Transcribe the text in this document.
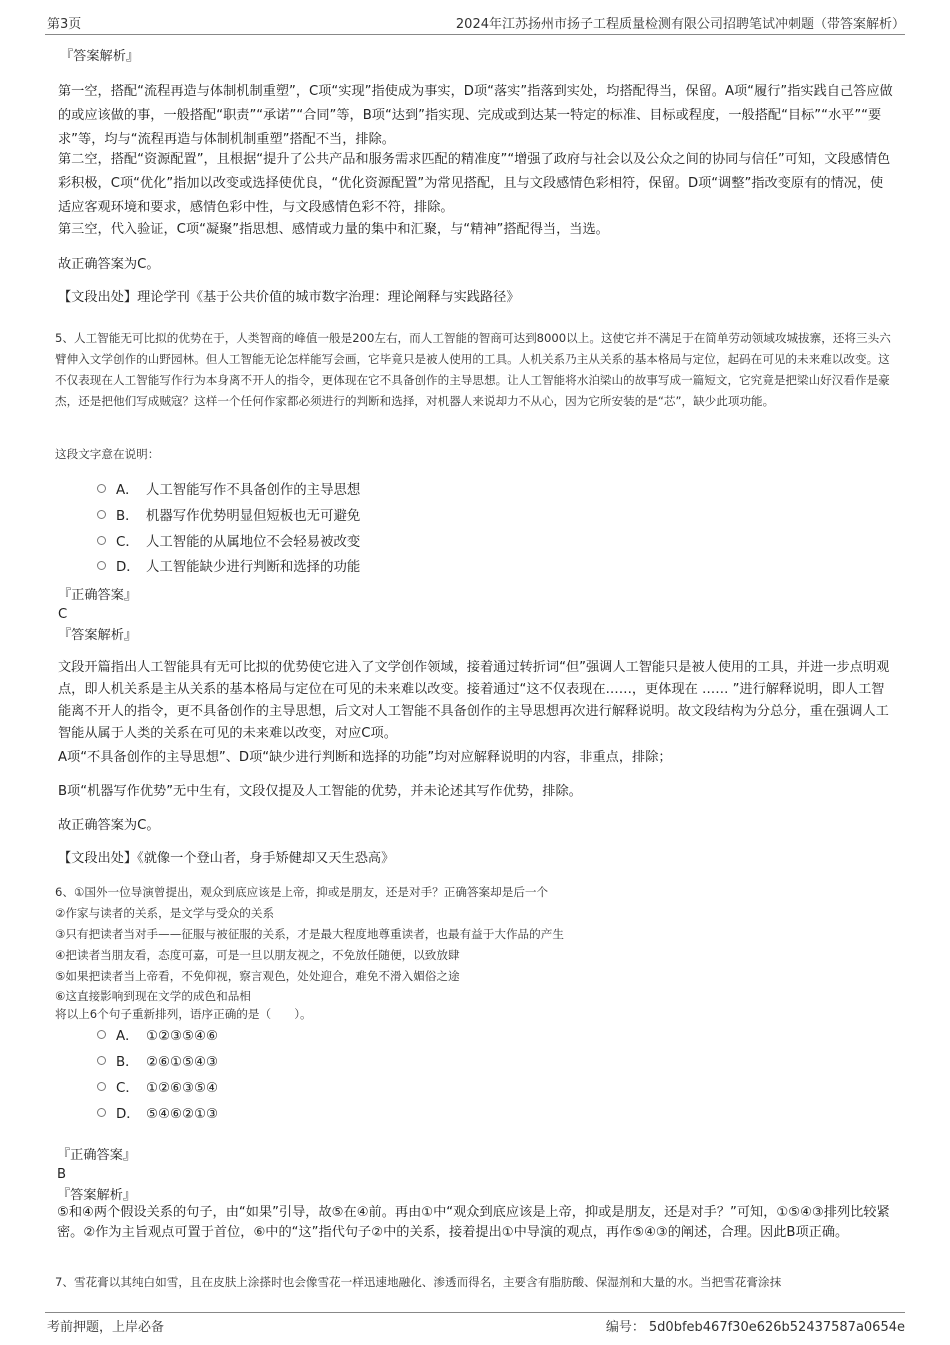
第3页	2024年江苏扬州市扬子工程质量检测有限公司招聘笔试冲刺题（带答案解析）
『答案解析』
第一空，搭配“流程再造与体制机制重塑”，C项“实现”指使成为事实，D项“落实”指落到实处，均搭配得当，保留。A项“履行”指实践自己答应做的或应该做的事，一般搭配“职责”“承诺”“合同”等，B项“达到”指实现、完成或到达某一特定的标准、目标或程度，一般搭配“目标”“水平”“要求”等，均与“流程再造与体制机制重塑”搭配不当，排除。
第二空，搭配“资源配置”，且根据“提升了公共产品和服务需求匹配的精准度”“增强了政府与社会以及公众之间的协同与信任”可知，文段感情色彩积极，C项“优化”指加以改变或选择使优良，“优化资源配置”为常见搭配，且与文段感情色彩相符，保留。D项“调整”指改变原有的情况，使适应客观环境和要求，感情色彩中性，与文段感情色彩不符，排除。
第三空，代入验证，C项“凝聚”指思想、感情或力量的集中和汇聚，与“精神”搭配得当，当选。
故正确答案为C。
【文段出处】理论学刊《基于公共价值的城市数字治理：理论阐释与实践路径》
5、人工智能无可比拟的优势在于，人类智商的峰值一般是200左右，而人工智能的智商可达到8000以上。这使它并不满足于在简单劳动领域攻城拔寨，还将三头六臂伸入文学创作的山野园林。但人工智能无论怎样能写会画，它毕竟只是被人使用的工具。人机关系乃主从关系的基本格局与定位，起码在可见的未来难以改变。这不仅表现在人工智能写作行为本身离不开人的指令，更体现在它不具备创作的主导思想。让人工智能将水泊梁山的故事写成一篇短文，它究竟是把梁山好汉看作是豪杰，还是把他们写成贼寇？这样一个任何作家都必须进行的判断和选择，对机器人来说却力不从心，因为它所安装的是“芯”，缺少此项功能。
这段文字意在说明：
A． 人工智能写作不具备创作的主导思想
B． 机器写作优势明显但短板也无可避免
C． 人工智能的从属地位不会轻易被改变
D． 人工智能缺少进行判断和选择的功能
『正确答案』
C
『答案解析』
文段开篇指出人工智能具有无可比拟的优势使它进入了文学创作领域，接着通过转折词“但”强调人工智能只是被人使用的工具，并进一步点明观点，即人机关系是主从关系的基本格局与定位在可见的未来难以改变。接着通过“这不仅表现在……，更体现在 …… ”进行解释说明，即人工智能离不开人的指令，更不具备创作的主导思想，后文对人工智能不具备创作的主导思想再次进行解释说明。故文段结构为分总分，重在强调人工智能从属于人类的关系在可见的未来难以改变，对应C项。
A项“不具备创作的主导思想”、D项“缺少进行判断和选择的功能”均对应解释说明的内容，非重点，排除；
B项“机器写作优势”无中生有，文段仅提及人工智能的优势，并未论述其写作优势，排除。
故正确答案为C。
【文段出处】《就像一个登山者，身手矫健却又天生恐高》
6、①国外一位导演曾提出，观众到底应该是上帝，抑或是朋友，还是对手？正确答案却是后一个
②作家与读者的关系，是文学与受众的关系
③只有把读者当对手——征服与被征服的关系，才是最大程度地尊重读者，也最有益于大作品的产生
④把读者当朋友看，态度可嘉，可是一旦以朋友视之，不免放任随便，以致放肆
⑤如果把读者当上帝看，不免仰视，察言观色，处处迎合，难免不滑入媚俗之途
⑥这直接影响到现在文学的成色和品相
将以上6个句子重新排列，语序正确的是（　　）。
A． ①②③⑤④⑥
B． ②⑥①⑤④③
C． ①②⑥③⑤④
D． ⑤④⑥②①③
『正确答案』
B
『答案解析』
⑤和④两个假设关系的句子，由“如果”引导，故⑤在④前。再由①中“观众到底应该是上帝，抑或是朋友，还是对手？”可知，①⑤④③排列比较紧密。②作为主旨观点可置于首位，⑥中的“这”指代句子②中的关系，接着提出①中导演的观点，再作⑤④③的阐述，合理。因此B项正确。
7、雪花膏以其纯白如雪，且在皮肤上涂搽时也会像雪花一样迅速地融化、渗透而得名，主要含有脂肪酸、保湿剂和大量的水。当把雪花膏涂抹
考前押题，上岸必备	编号： 5d0bfeb467f30e626b52437587a0654e
